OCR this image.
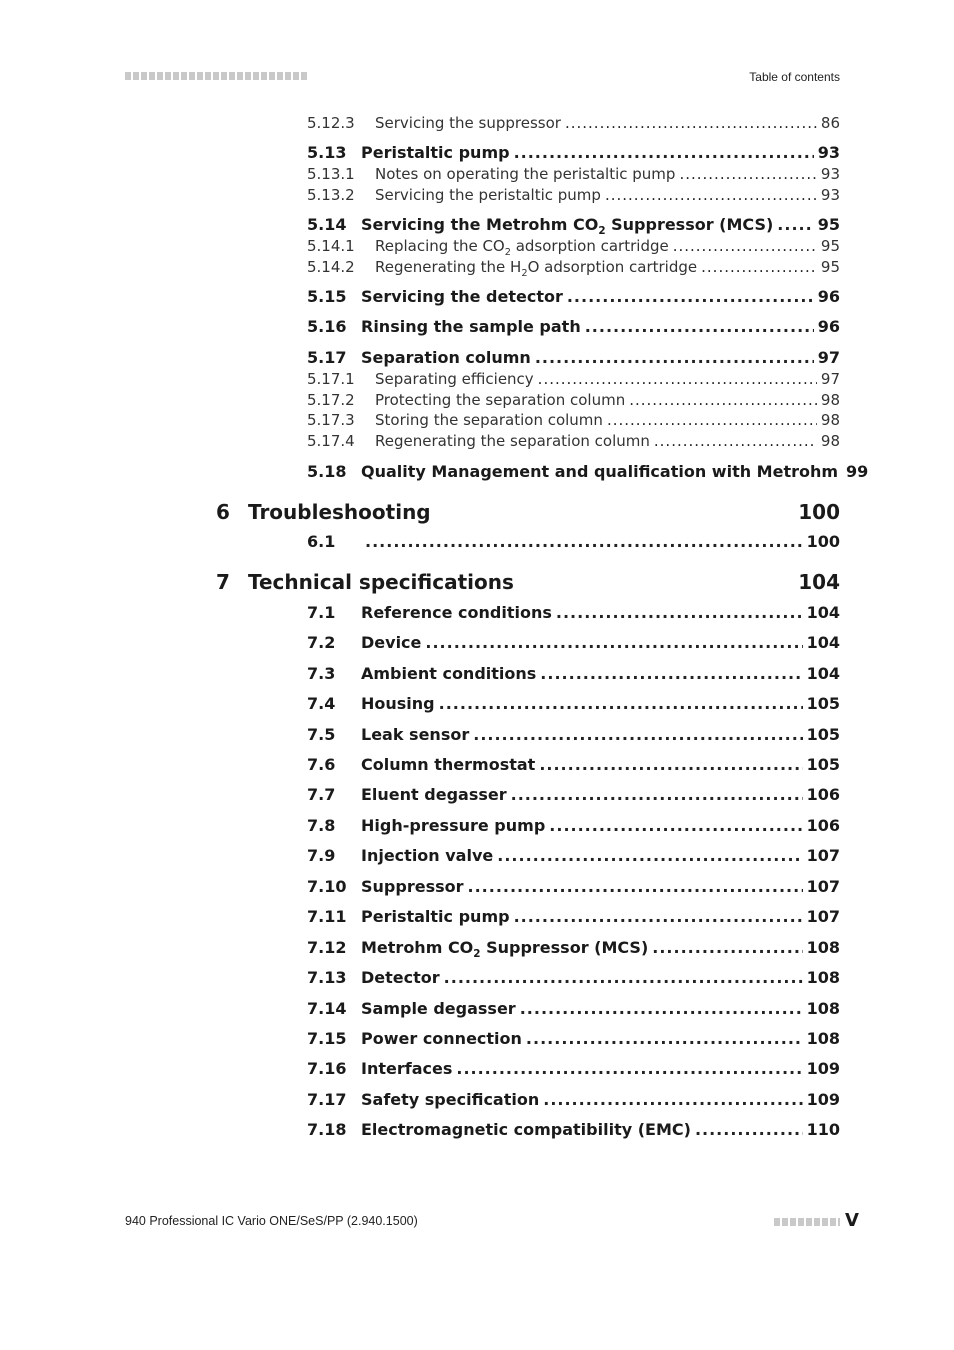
Table of contents
5.12.3	Servicing the suppressor .....	86
5.13 Peristaltic pump .....	93
5.13.1	Notes on operating the peristaltic pump .....	93
5.13.2	Servicing the peristaltic pump .....	93
5.14 Servicing the Metrohm $CO_2$ Suppressor (MCS) .....	95
5.14.1	Replacing the $CO_2$ adsorption cartridge .....	95
5.14.2	Regenerating the $H_2O$ adsorption cartridge .....	95
5.15 Servicing the detector .....	96
5.16 Rinsing the sample path .....	96
5.17 Separation column .....	97
5.17.1	Separating efficiency .....	97
5.17.2	Protecting the separation column .....	98
5.17.3	Storing the separation column .....	98
5.17.4	Regenerating the separation column .....	98
5.18 Quality Management and qualification with Metrohm 99
6 Troubleshooting	100
6.1 .....	100
7 Technical specifications	104
7.1	Reference conditions .....	104
7.2	Device .....	104
7.3	Ambient conditions .....	104
7.4	Housing .....	105
7.5	Leak sensor .....	105
7.6	Column thermostat .....	105
7.7	Eluent degasser .....	106
7.8	High-pressure pump .....	106
7.9	Injection valve .....	107
7.10 Suppressor .....	107
7.11 Peristaltic pump .....	107
7.12 Metrohm $CO_2$ Suppressor (MCS) .....	108
7.13 Detector .....	108
7.14 Sample degasser .....	108
7.15 Power connection .....	108
7.16 Interfaces .....	109
7.17 Safety specification .....	109
7.18 Electromagnetic compatibility (EMC) .....	110
940 Professional IC Vario ONE/SeS/PP (2.940.1500)	V
